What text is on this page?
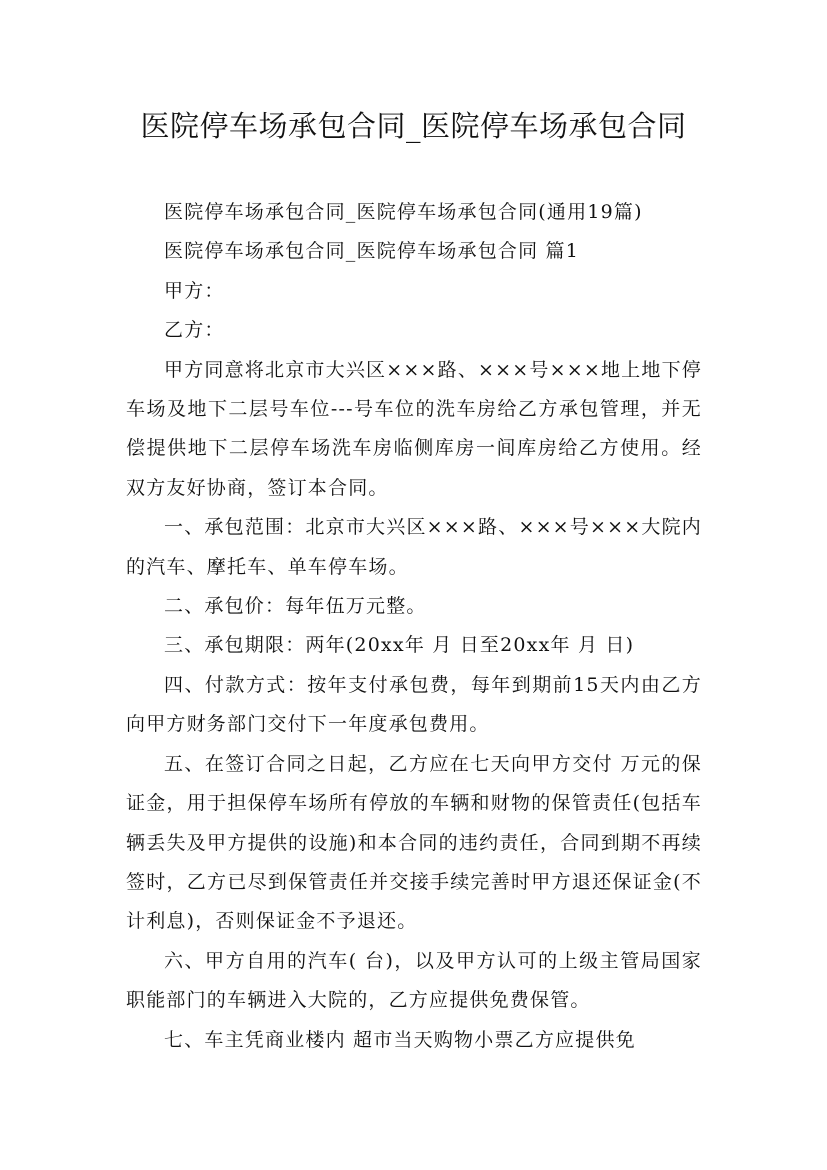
医院停车场承包合同_医院停车场承包合同

医院停车场承包合同_医院停车场承包合同(通用19篇)

医院停车场承包合同_医院停车场承包合同 篇1

甲方：

乙方：

甲方同意将北京市大兴区×××路、×××号×××地上地下停车场及地下二层号车位---号车位的洗车房给乙方承包管理，并无偿提供地下二层停车场洗车房临侧库房一间库房给乙方使用。经双方友好协商，签订本合同。

一、承包范围：北京市大兴区×××路、×××号×××大院内的汽车、摩托车、单车停车场。

二、承包价：每年伍万元整。

三、承包期限：两年(20xx年 月 日至20xx年 月 日)

四、付款方式：按年支付承包费，每年到期前15天内由乙方向甲方财务部门交付下一年度承包费用。

五、在签订合同之日起，乙方应在七天向甲方交付 万元的保证金，用于担保停车场所有停放的车辆和财物的保管责任(包括车辆丢失及甲方提供的设施)和本合同的违约责任，合同到期不再续签时，乙方已尽到保管责任并交接手续完善时甲方退还保证金(不计利息)，否则保证金不予退还。

六、甲方自用的汽车( 台)，以及甲方认可的上级主管局国家职能部门的车辆进入大院的，乙方应提供免费保管。

七、车主凭商业楼内 超市当天购物小票乙方应提供免
